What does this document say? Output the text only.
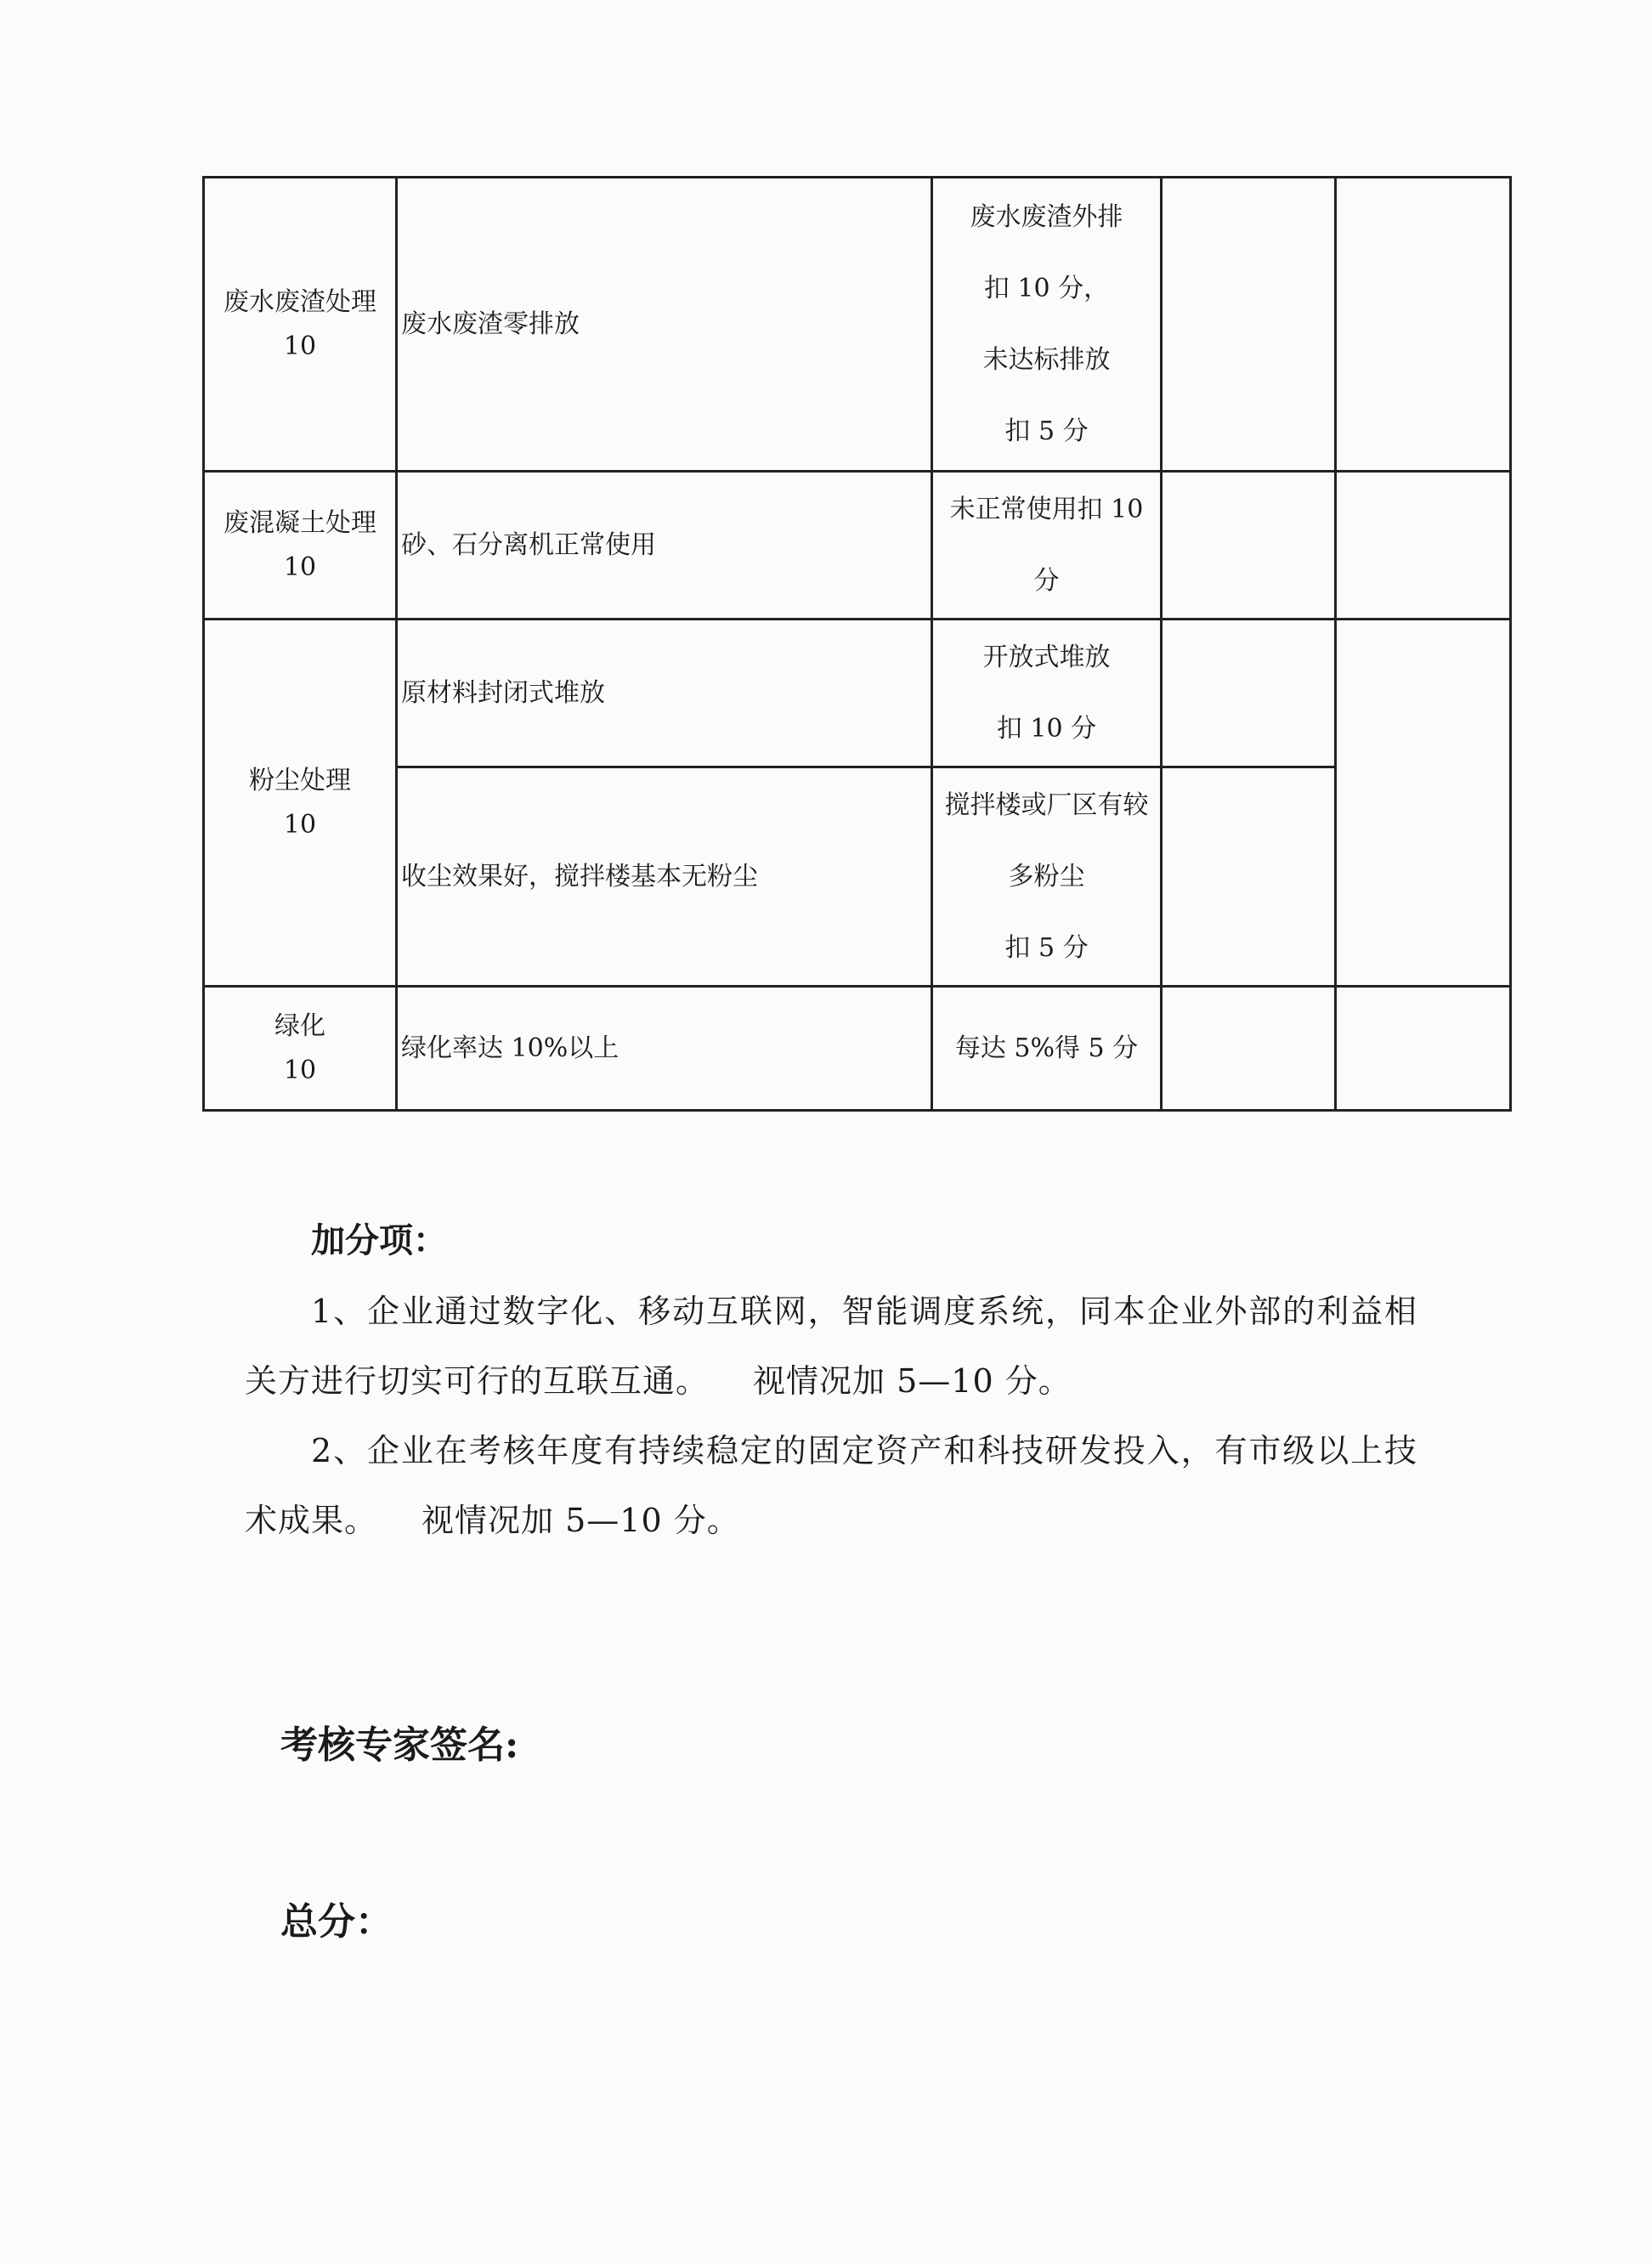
废水废渣处理
10	废水废渣零排放	废水废渣外排
扣 10 分，
未达标排放
扣 5 分		

废混凝土处理
10	砂、石分离机正常使用	未正常使用扣 10
分		

粉尘处理
10	原材料封闭式堆放	开放式堆放
扣 10 分		

	收尘效果好，搅拌楼基本无粉尘	搅拌楼或厂区有较
多粉尘
扣 5 分		

绿化
10	绿化率达 10%以上	每达 5%得 5 分		

加分项：
1、企业通过数字化、移动互联网，智能调度系统，同本企业外部的利益相关方进行切实可行的互联互通。 视情况加 5—10 分。
2、企业在考核年度有持续稳定的固定资产和科技研发投入，有市级以上技术成果。 视情况加 5—10 分。
考核专家签名:
总分：
